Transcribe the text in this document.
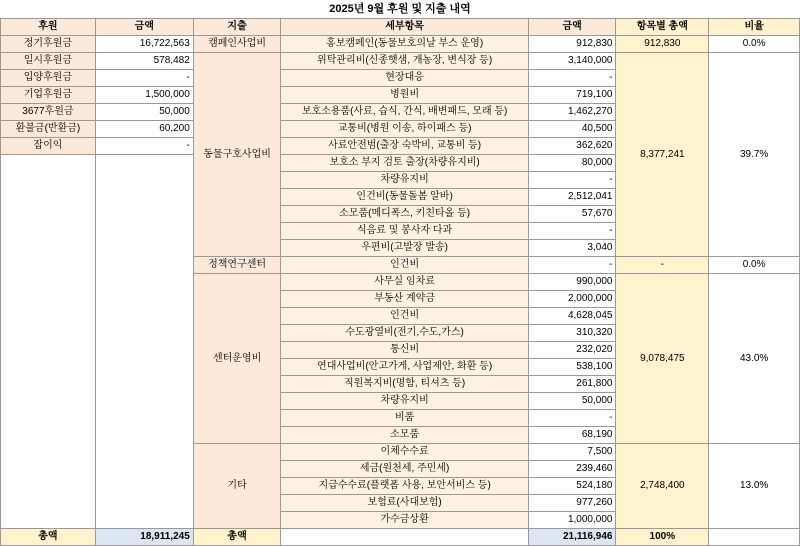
2025년 9월 후원 및 지출 내역
후원	금액	지출	세부항목	금액	항목별 총액	비율
정기후원금	16,722,563	캠페인사업비	홍보캠페인(동물보호의날 부스 운영)	912,830	912,830	0.0%
일시후원금	578,482	동물구호사업비	위탁관리비(신종햇샘, 개농장, 변식장 등)	3,140,000	8,377,241	39.7%
입양후원금	-		현장대응	-		
기업후원금	1,500,000		병원비	719,100		
3677후원금	50,000		보호소용품(사료, 습식, 간식, 배변패드, 모래 등)	1,462,270		
환불금(반환금)	60,200		교통비(병원 이송, 하이패스 등)	40,500		
잡이익	-		사료안전범(출장 숙박비, 교통비 등)	362,620		
			보호소 부지 검토 출장(차량유지비)	80,000		
			차량유지비	-		
			인건비(동물돌봄 알바)	2,512,041		
			소모품(메디폭스, 키친타올 등)	57,670		
			식음료 및 봉사자 다과	-		
			우편비(고발장 발송)	3,040		
		정책연구센터	인건비	-	-	0.0%
		센터운영비	사무실 임차료	990,000	9,078,475	43.0%
			부동산 계약금	2,000,000		
			인건비	4,628,045		
			수도광열비(전기,수도,가스)	310,320		
			통신비	232,020		
			연대사업비(안고가게, 사업제안, 화환 등)	538,100		
			직원복지비(명함, 티셔츠 등)	261,800		
			차량유지비	50,000		
			비품	-		
			소모품	68,190		
		기타	이체수수료	7,500	2,748,400	13.0%
			세금(원천세, 주민세)	239,460		
			지급수수료(플랫폼 사용, 보안서비스 등)	524,180		
			보험료(사대보험)	977,260		
			가수금상환	1,000,000		
총액	18,911,245	총액		21,116,946	100%	
